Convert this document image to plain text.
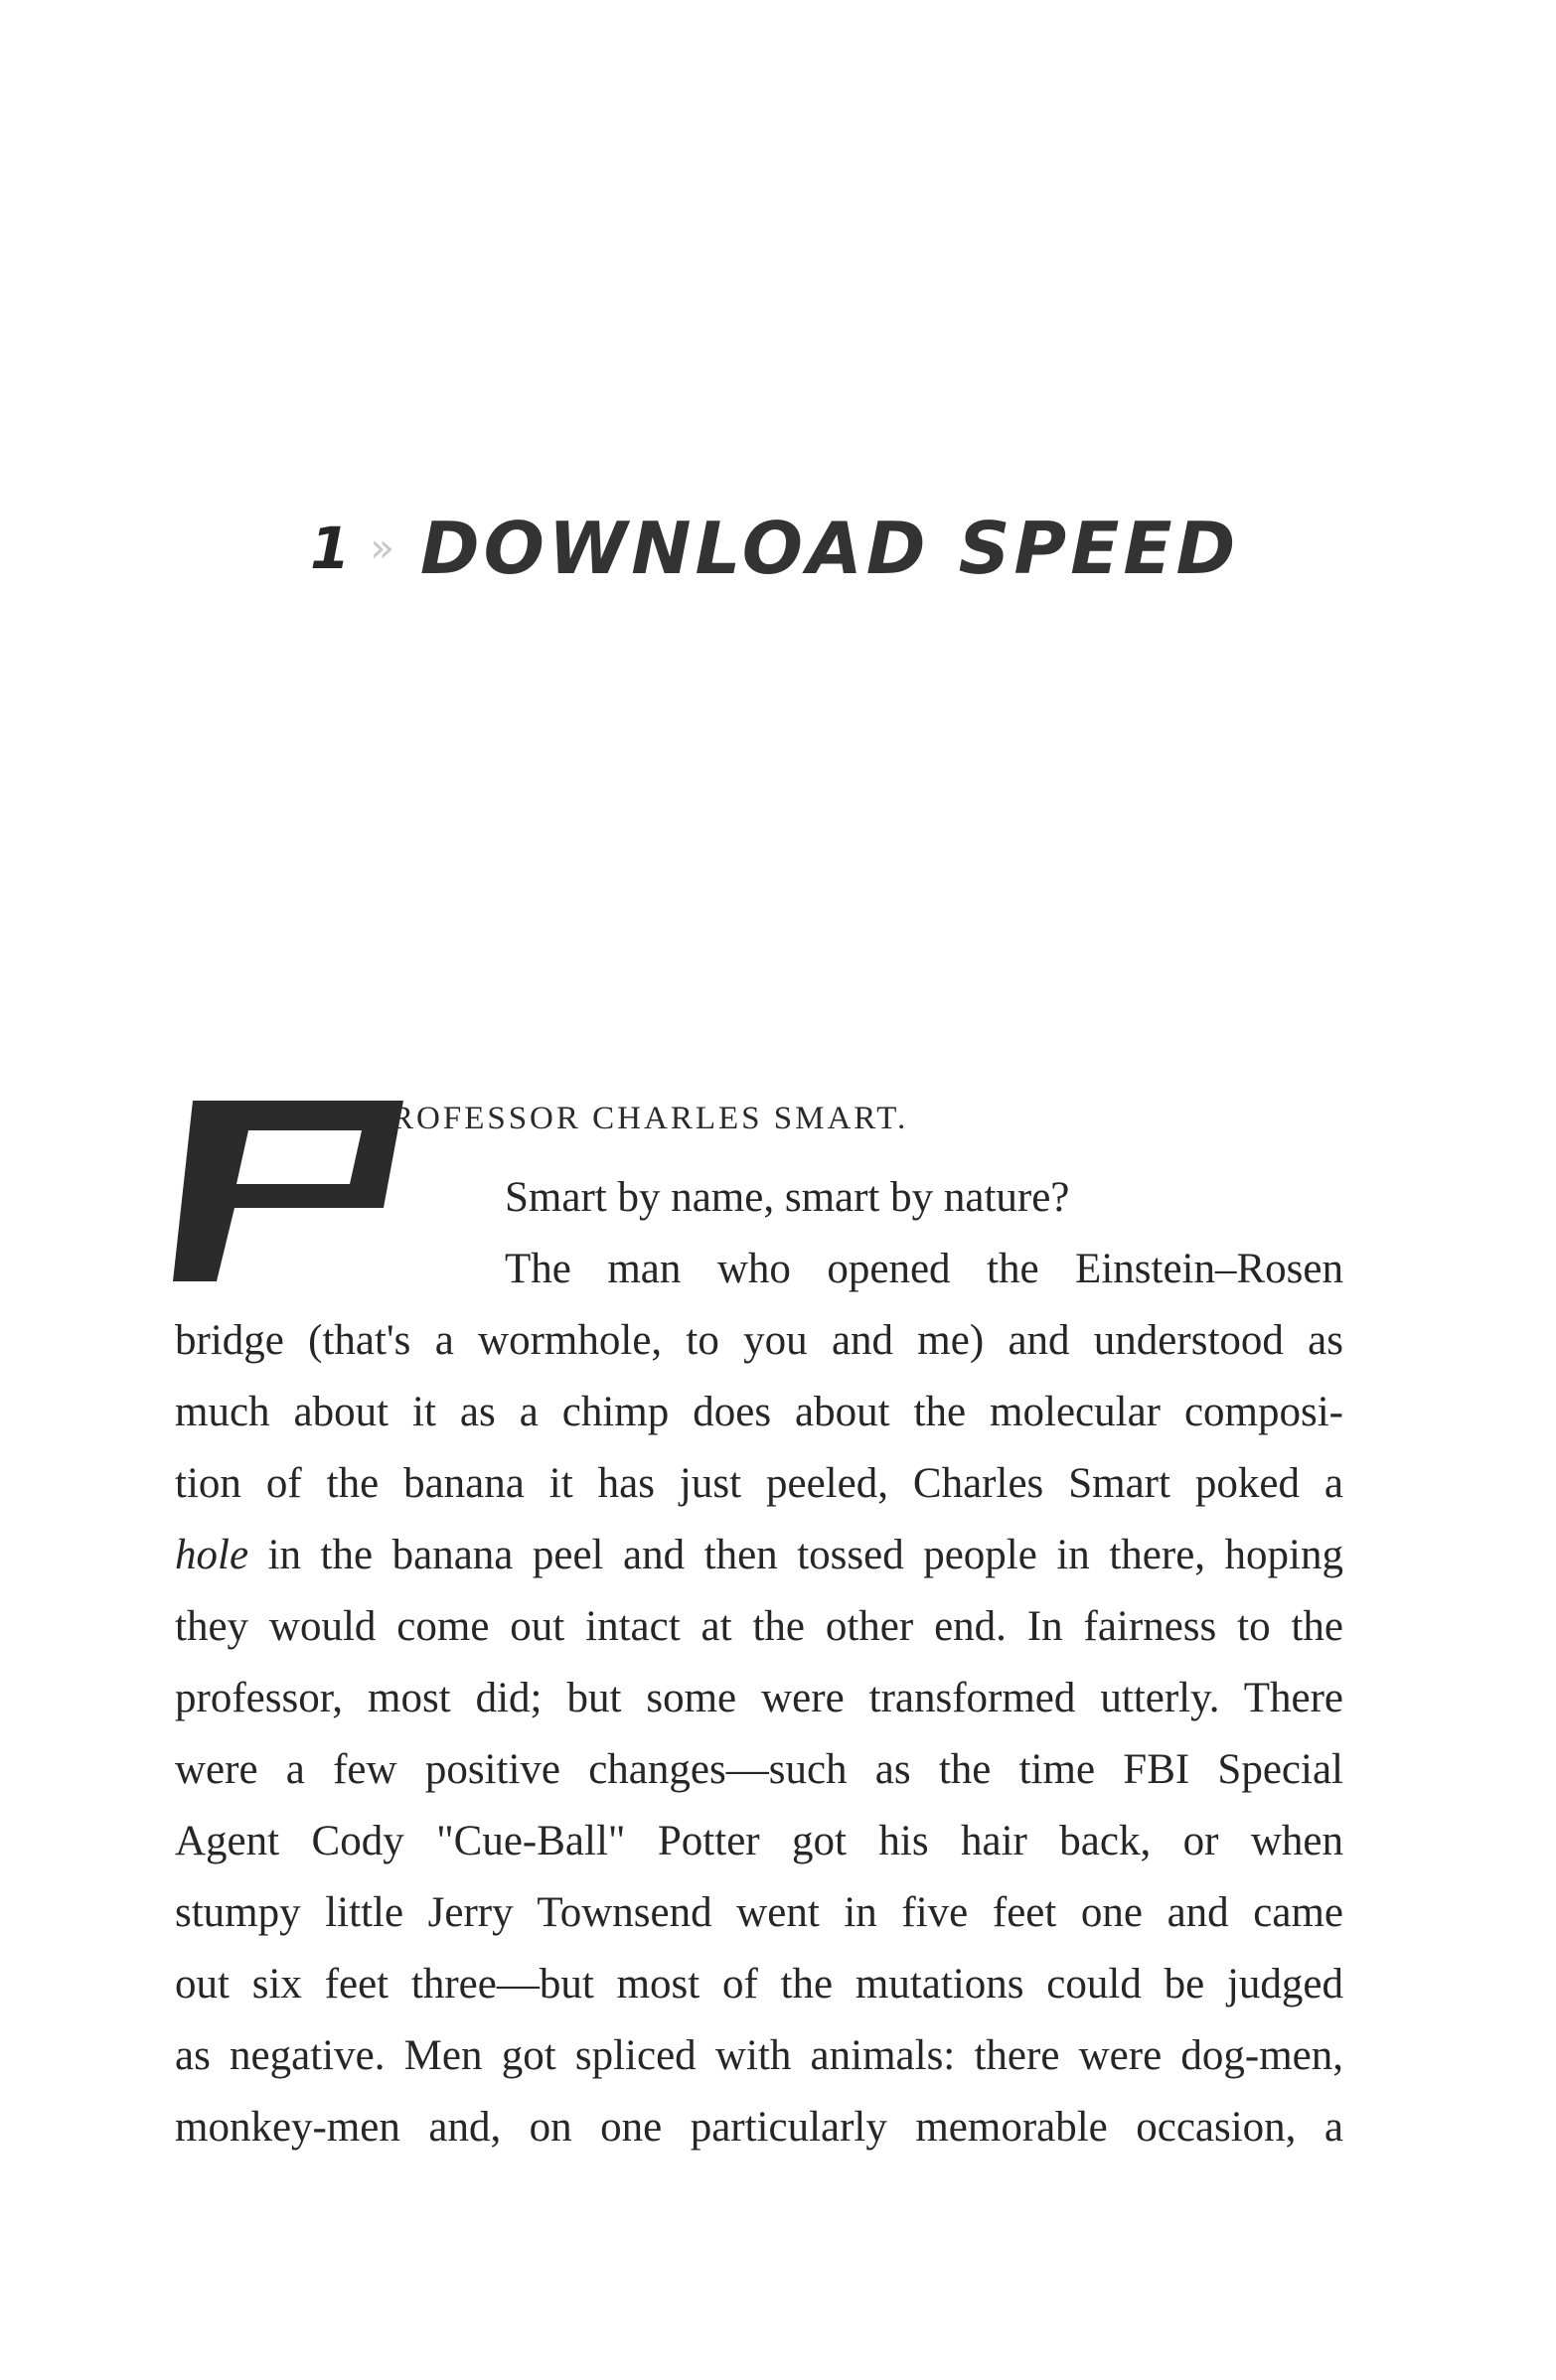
1 » DOWNLOAD SPEED
ROFESSOR CHARLES SMART.
Smart by name, smart by nature?
The man who opened the Einstein–Rosen
bridge (that's a wormhole, to you and me) and understood as
much about it as a chimp does about the molecular composi-
tion of the banana it has just peeled, Charles Smart poked a
hole in the banana peel and then tossed people in there, hoping
they would come out intact at the other end. In fairness to the
professor, most did; but some were transformed utterly. There
were a few positive changes—such as the time FBI Special
Agent Cody "Cue-Ball" Potter got his hair back, or when
stumpy little Jerry Townsend went in five feet one and came
out six feet three—but most of the mutations could be judged
as negative. Men got spliced with animals: there were dog-men,
monkey-men and, on one particularly memorable occasion, a
